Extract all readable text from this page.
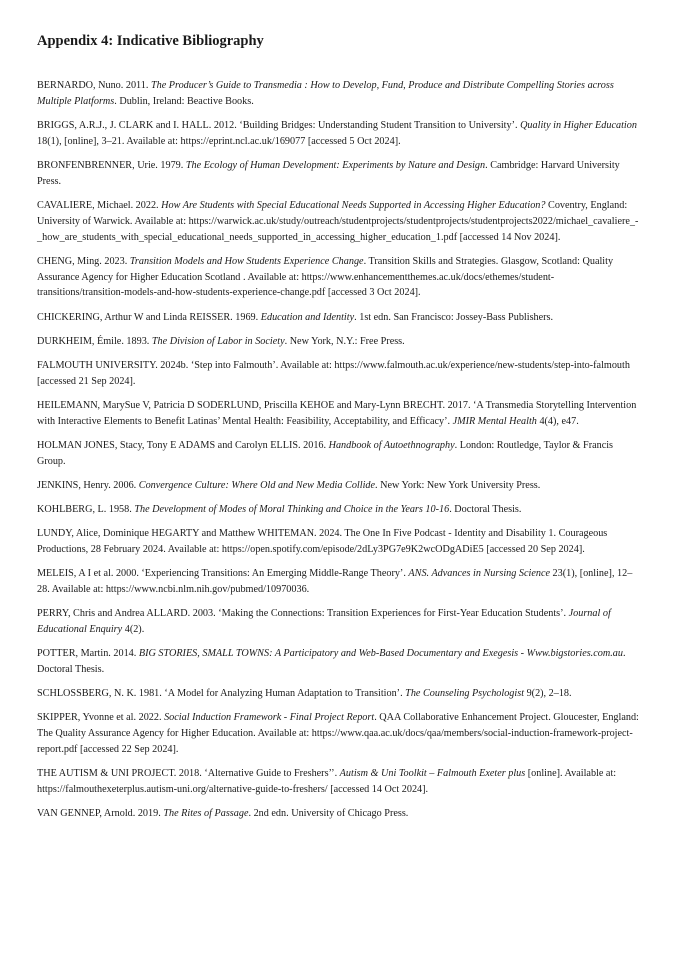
Appendix 4: Indicative Bibliography
BERNARDO, Nuno. 2011. The Producer’s Guide to Transmedia : How to Develop, Fund, Produce and Distribute Compelling Stories across Multiple Platforms. Dublin, Ireland: Beactive Books.
BRIGGS, A.R.J., J. CLARK and I. HALL. 2012. ‘Building Bridges: Understanding Student Transition to University’. Quality in Higher Education 18(1), [online], 3–21. Available at: https://eprint.ncl.ac.uk/169077 [accessed 5 Oct 2024].
BRONFENBRENNER, Urie. 1979. The Ecology of Human Development: Experiments by Nature and Design. Cambridge: Harvard University Press.
CAVALIERE, Michael. 2022. How Are Students with Special Educational Needs Supported in Accessing Higher Education? Coventry, England: University of Warwick. Available at: https://warwick.ac.uk/study/outreach/studentprojects/studentprojects/studentprojects2022/michael_cavaliere_-_how_are_students_with_special_educational_needs_supported_in_accessing_higher_education_1.pdf [accessed 14 Nov 2024].
CHENG, Ming. 2023. Transition Models and How Students Experience Change. Transition Skills and Strategies. Glasgow, Scotland: Quality Assurance Agency for Higher Education Scotland . Available at: https://www.enhancementthemes.ac.uk/docs/ethemes/student-transitions/transition-models-and-how-students-experience-change.pdf [accessed 3 Oct 2024].
CHICKERING, Arthur W and Linda REISSER. 1969. Education and Identity. 1st edn. San Francisco: Jossey-Bass Publishers.
DURKHEIM, Émile. 1893. The Division of Labor in Society. New York, N.Y.: Free Press.
FALMOUTH UNIVERSITY. 2024b. ‘Step into Falmouth’. Available at: https://www.falmouth.ac.uk/experience/new-students/step-into-falmouth [accessed 21 Sep 2024].
HEILEMANN, MarySue V, Patricia D SODERLUND, Priscilla KEHOE and Mary-Lynn BRECHT. 2017. ‘A Transmedia Storytelling Intervention with Interactive Elements to Benefit Latinas’ Mental Health: Feasibility, Acceptability, and Efficacy’. JMIR Mental Health 4(4), e47.
HOLMAN JONES, Stacy, Tony E ADAMS and Carolyn ELLIS. 2016. Handbook of Autoethnography. London: Routledge, Taylor & Francis Group.
JENKINS, Henry. 2006. Convergence Culture: Where Old and New Media Collide. New York: New York University Press.
KOHLBERG, L. 1958. The Development of Modes of Moral Thinking and Choice in the Years 10-16. Doctoral Thesis.
LUNDY, Alice, Dominique HEGARTY and Matthew WHITEMAN. 2024. The One In Five Podcast - Identity and Disability 1. Courageous Productions, 28 February 2024. Available at: https://open.spotify.com/episode/2dLy3PG7e9K2wcODgADiE5 [accessed 20 Sep 2024].
MELEIS, A I et al. 2000. ‘Experiencing Transitions: An Emerging Middle-Range Theory’. ANS. Advances in Nursing Science 23(1), [online], 12–28. Available at: https://www.ncbi.nlm.nih.gov/pubmed/10970036.
PERRY, Chris and Andrea ALLARD. 2003. ‘Making the Connections: Transition Experiences for First-Year Education Students’. Journal of Educational Enquiry 4(2).
POTTER, Martin. 2014. BIG STORIES, SMALL TOWNS: A Participatory and Web-Based Documentary and Exegesis - Www.bigstories.com.au. Doctoral Thesis.
SCHLOSSBERG, N. K. 1981. ‘A Model for Analyzing Human Adaptation to Transition’. The Counseling Psychologist 9(2), 2–18.
SKIPPER, Yvonne et al. 2022. Social Induction Framework - Final Project Report. QAA Collaborative Enhancement Project. Gloucester, England: The Quality Assurance Agency for Higher Education. Available at: https://www.qaa.ac.uk/docs/qaa/members/social-induction-framework-project-report.pdf [accessed 22 Sep 2024].
THE AUTISM & UNI PROJECT. 2018. ‘Alternative Guide to Freshers’’. Autism & Uni Toolkit – Falmouth Exeter plus [online]. Available at: https://falmouthexeterplus.autism-uni.org/alternative-guide-to-freshers/ [accessed 14 Oct 2024].
VAN GENNEP, Arnold. 2019. The Rites of Passage. 2nd edn. University of Chicago Press.
